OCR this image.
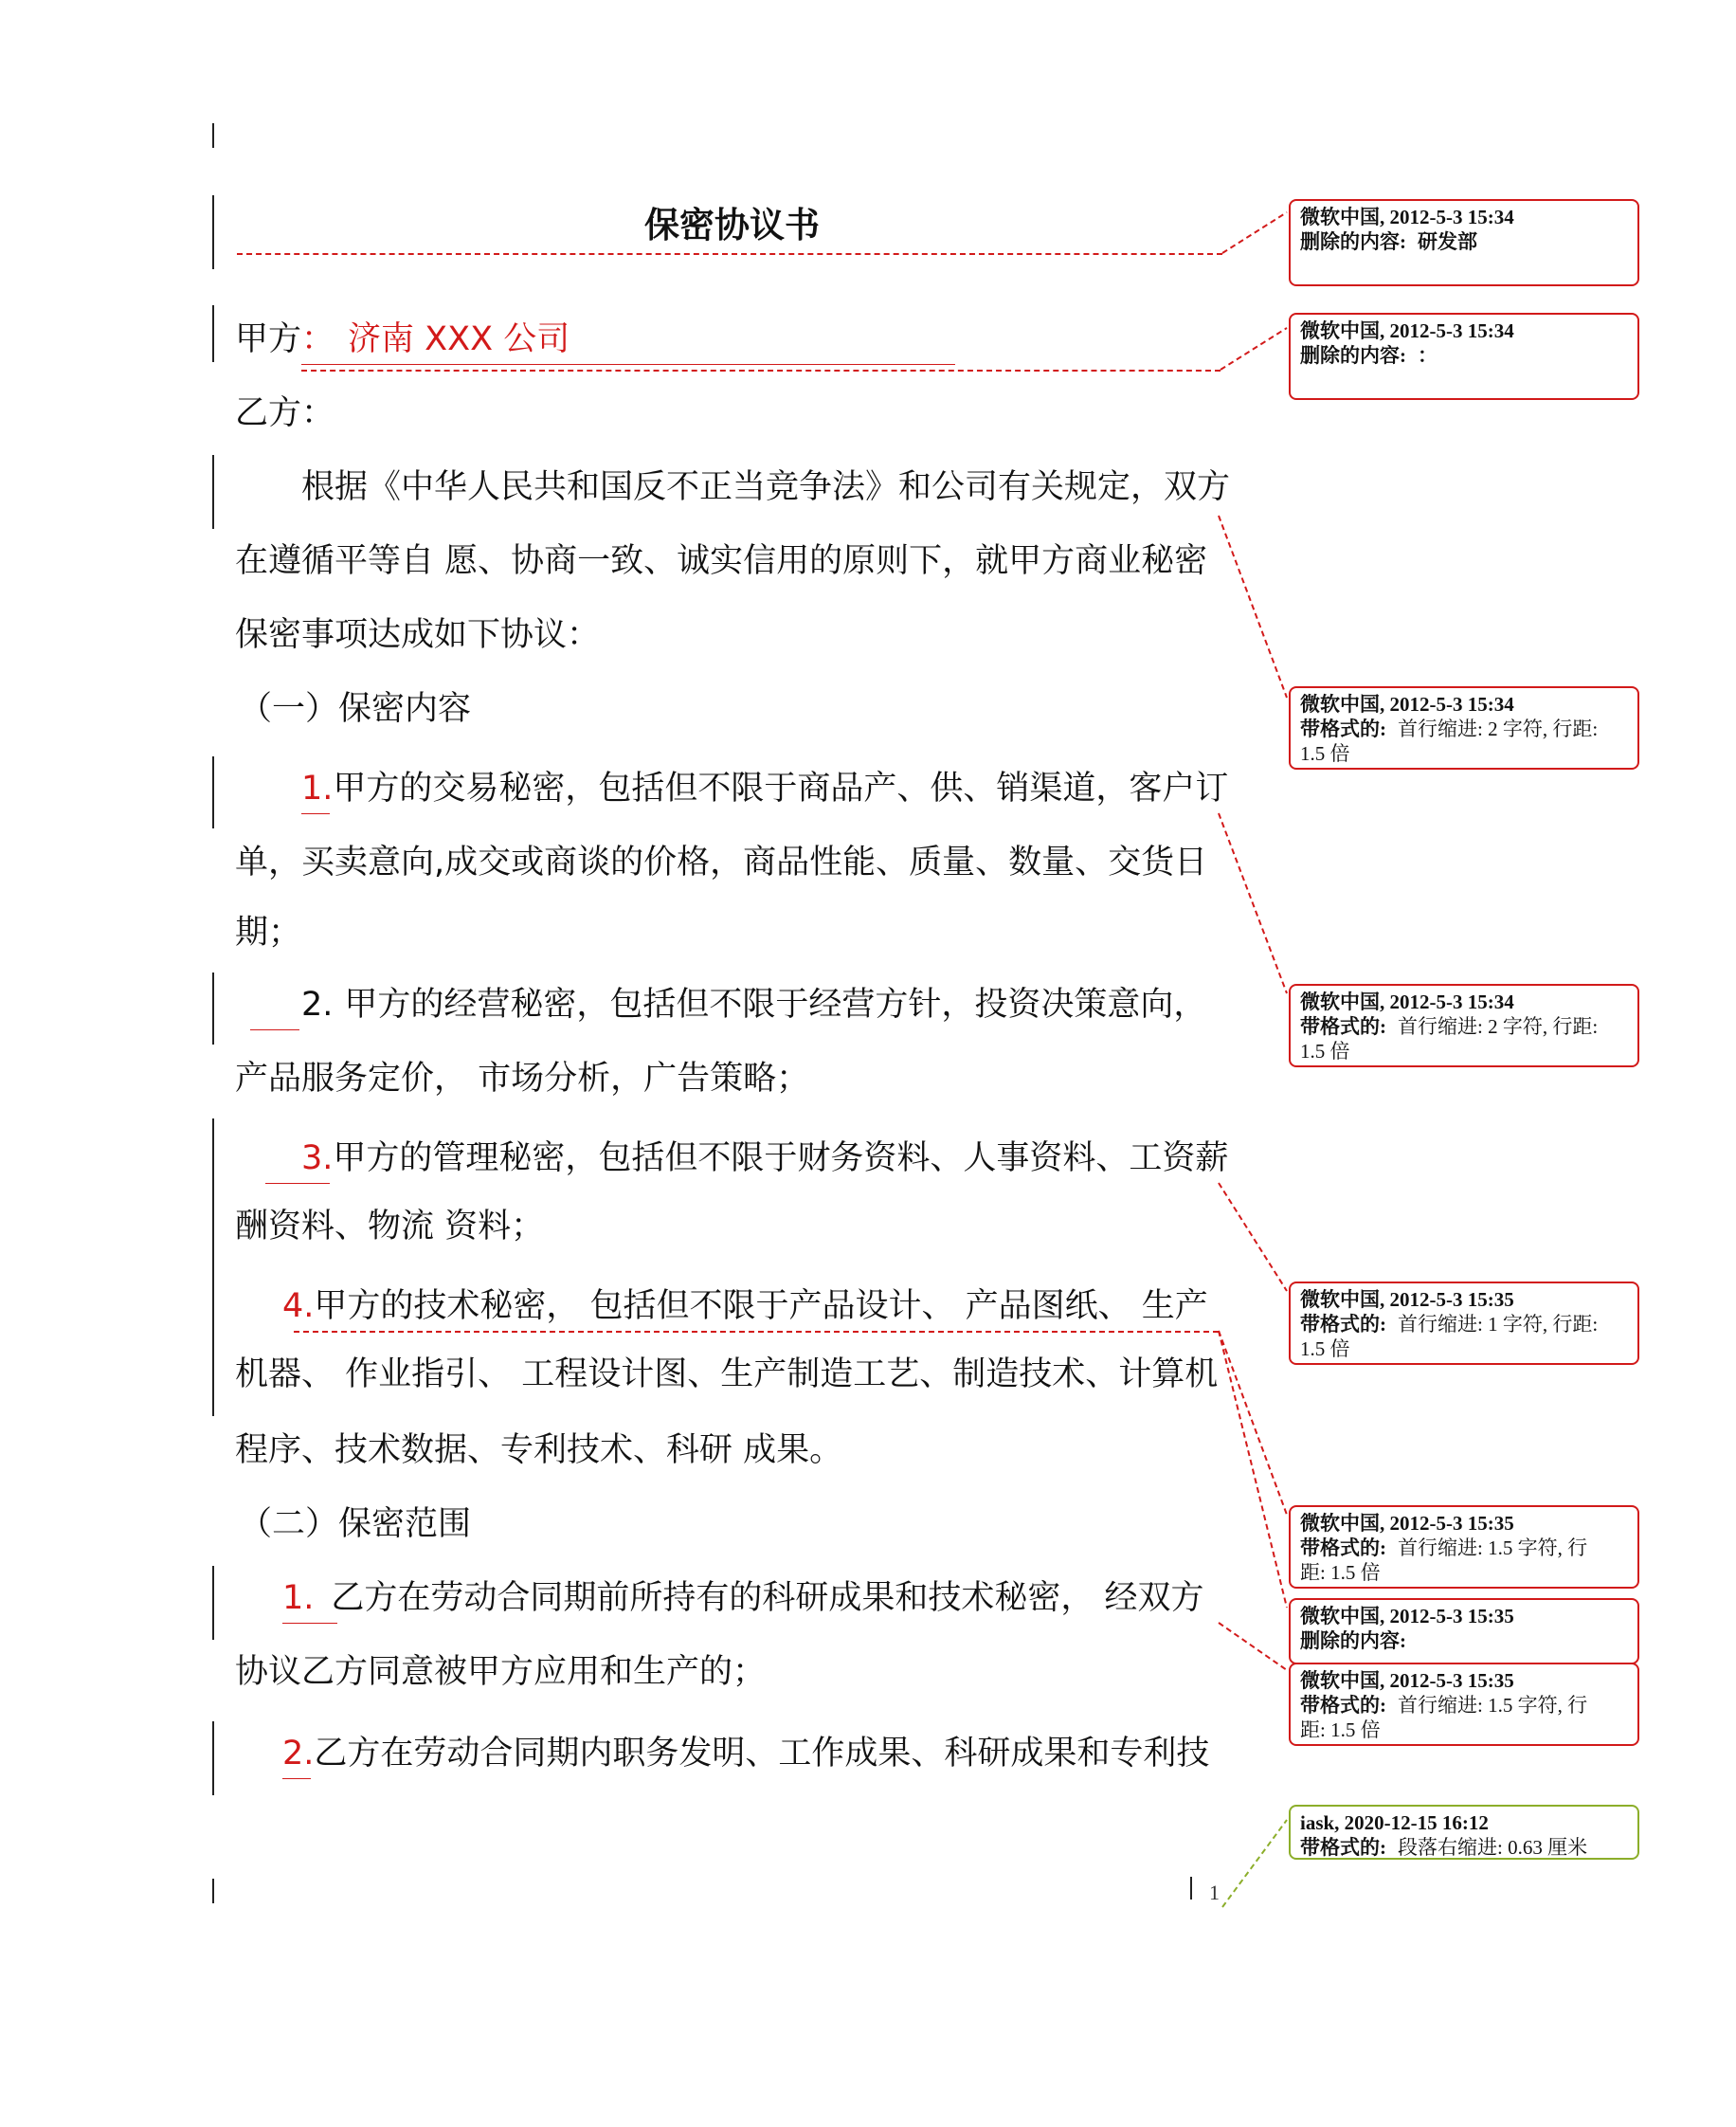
保密协议书
甲方： 济南 XXX 公司
乙方：
根据《中华人民共和国反不正当竞争法》和公司有关规定，双方
在遵循平等自 愿、协商一致、诚实信用的原则下，就甲方商业秘密
保密事项达成如下协议：
（一）保密内容
1.甲方的交易秘密，包括但不限于商品产、供、销渠道，客户订
单，买卖意向,成交或商谈的价格，商品性能、质量、数量、交货日
期；
2. 甲方的经营秘密，包括但不限于经营方针，投资决策意向，
产品服务定价， 市场分析，广告策略；
3.甲方的管理秘密，包括但不限于财务资料、人事资料、工资薪
酬资料、物流 资料；
4.甲方的技术秘密， 包括但不限于产品设计、 产品图纸、 生产
机器、 作业指引、 工程设计图、生产制造工艺、制造技术、计算机
程序、技术数据、专利技术、科研 成果。
（二）保密范围
1. 乙方在劳动合同期前所持有的科研成果和技术秘密， 经双方
协议乙方同意被甲方应用和生产的；
2.乙方在劳动合同期内职务发明、工作成果、科研成果和专利技
1
微软中国, 2012-5-3 15:34
删除的内容: 研发部
微软中国, 2012-5-3 15:34
删除的内容: ：
微软中国, 2012-5-3 15:34
带格式的: 首行缩进: 2 字符, 行距:
1.5 倍
微软中国, 2012-5-3 15:34
带格式的: 首行缩进: 2 字符, 行距:
1.5 倍
微软中国, 2012-5-3 15:35
带格式的: 首行缩进: 1 字符, 行距:
1.5 倍
微软中国, 2012-5-3 15:35
带格式的: 首行缩进: 1.5 字符, 行
距: 1.5 倍
微软中国, 2012-5-3 15:35
删除的内容:
微软中国, 2012-5-3 15:35
带格式的: 首行缩进: 1.5 字符, 行
距: 1.5 倍
iask, 2020-12-15 16:12
带格式的: 段落右缩进: 0.63 厘米
